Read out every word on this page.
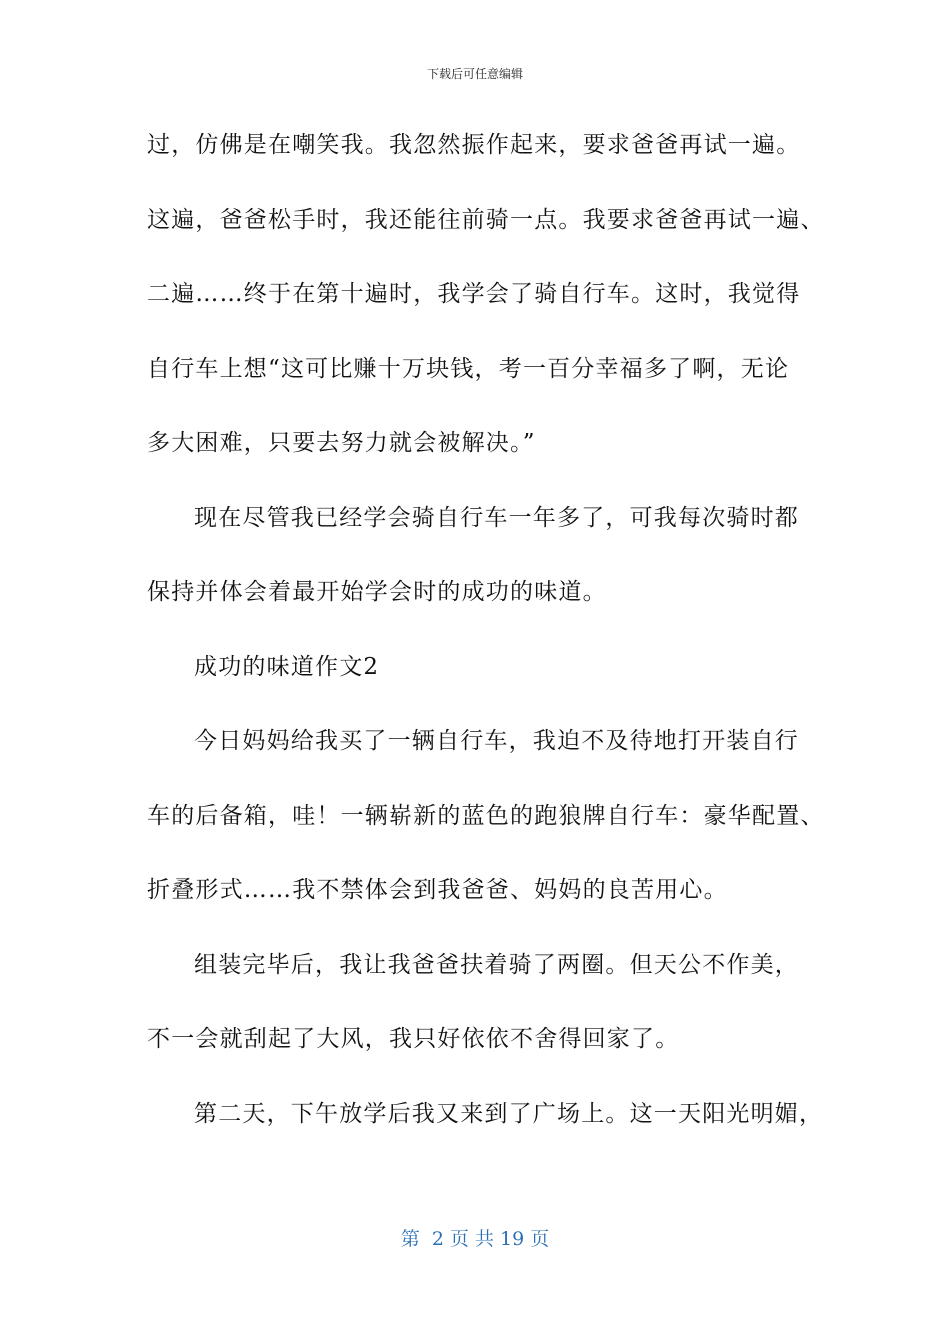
下载后可任意编辑
过，仿佛是在嘲笑我。我忽然振作起来，要求爸爸再试一遍。
这遍，爸爸松手时，我还能往前骑一点。我要求爸爸再试一遍、
二遍……终于在第十遍时，我学会了骑自行车。这时，我觉得
自行车上想“这可比赚十万块钱，考一百分幸福多了啊，无论
多大困难，只要去努力就会被解决。”
现在尽管我已经学会骑自行车一年多了，可我每次骑时都
保持并体会着最开始学会时的成功的味道。
成功的味道作文2
今日妈妈给我买了一辆自行车，我迫不及待地打开装自行
车的后备箱，哇！一辆崭新的蓝色的跑狼牌自行车：豪华配置、
折叠形式……我不禁体会到我爸爸、妈妈的良苦用心。
组装完毕后，我让我爸爸扶着骑了两圈。但天公不作美，
不一会就刮起了大风，我只好依依不舍得回家了。
第二天，下午放学后我又来到了广场上。这一天阳光明媚，
第  2 页 共 19 页
